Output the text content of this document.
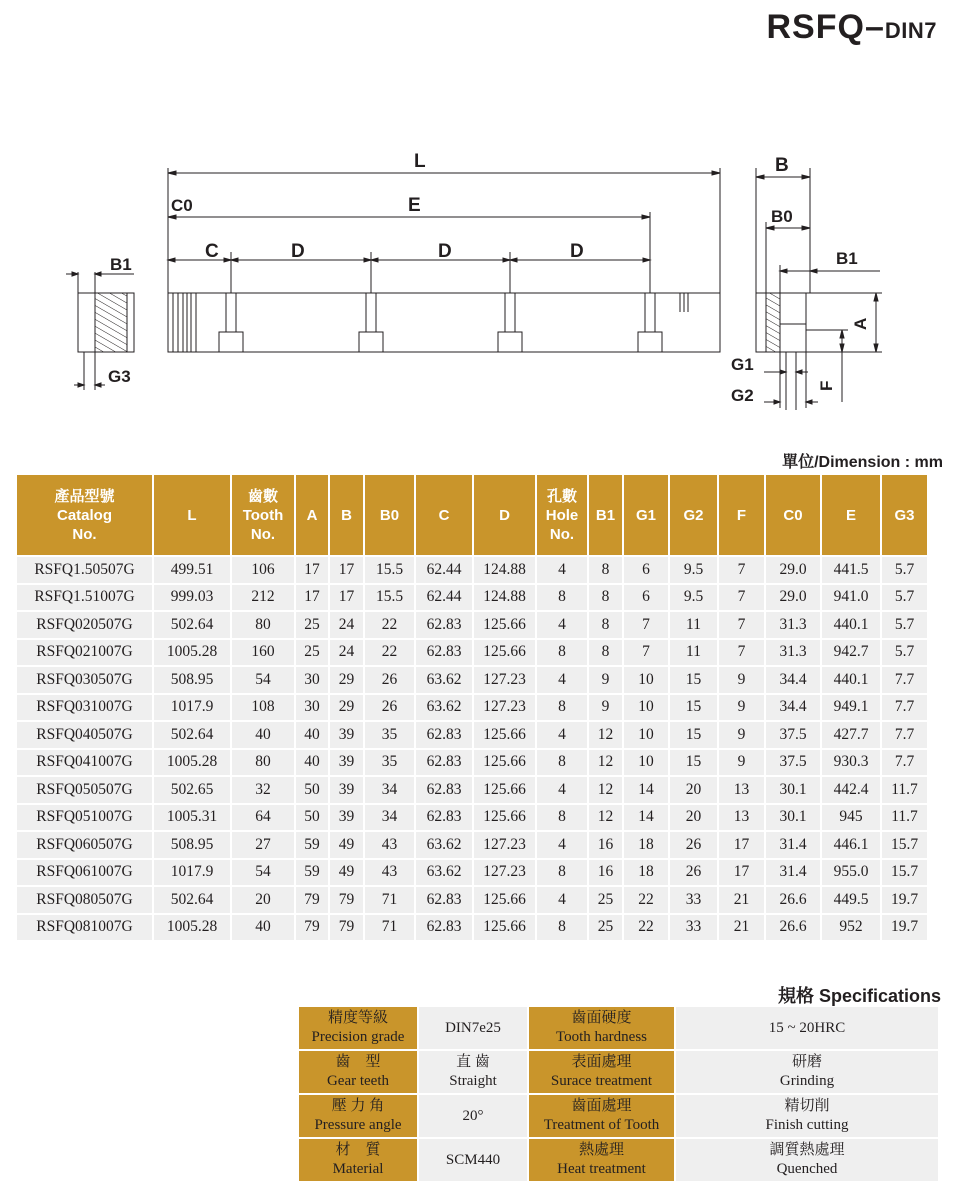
RSFQ–DIN7
L
C0	E
C	D	D	D
B1
G3
B
B0
B1
A
F
G1
G2
單位/Dimension : mm
產品型號
Catalog
No.	L	齒數
Tooth
No.	A	B	B0	C	D	孔數
Hole
No.	B1	G1	G2	F	C0	E	G3

RSFQ1.50507G	499.51	106	17	17	15.5	62.44	124.88	4	8	6	9.5	7	29.0	441.5	5.7
RSFQ1.51007G	999.03	212	17	17	15.5	62.44	124.88	8	8	6	9.5	7	29.0	941.0	5.7
RSFQ020507G	502.64	80	25	24	22	62.83	125.66	4	8	7	11	7	31.3	440.1	5.7
RSFQ021007G	1005.28	160	25	24	22	62.83	125.66	8	8	7	11	7	31.3	942.7	5.7
RSFQ030507G	508.95	54	30	29	26	63.62	127.23	4	9	10	15	9	34.4	440.1	7.7
RSFQ031007G	1017.9	108	30	29	26	63.62	127.23	8	9	10	15	9	34.4	949.1	7.7
RSFQ040507G	502.64	40	40	39	35	62.83	125.66	4	12	10	15	9	37.5	427.7	7.7
RSFQ041007G	1005.28	80	40	39	35	62.83	125.66	8	12	10	15	9	37.5	930.3	7.7
RSFQ050507G	502.65	32	50	39	34	62.83	125.66	4	12	14	20	13	30.1	442.4	11.7
RSFQ051007G	1005.31	64	50	39	34	62.83	125.66	8	12	14	20	13	30.1	945	11.7
RSFQ060507G	508.95	27	59	49	43	63.62	127.23	4	16	18	26	17	31.4	446.1	15.7
RSFQ061007G	1017.9	54	59	49	43	63.62	127.23	8	16	18	26	17	31.4	955.0	15.7
RSFQ080507G	502.64	20	79	79	71	62.83	125.66	4	25	22	33	21	26.6	449.5	19.7
RSFQ081007G	1005.28	40	79	79	71	62.83	125.66	8	25	22	33	21	26.6	952	19.7
規格 Specifications
精度等級
Precision grade	DIN7e25	齒面硬度
Tooth hardness	15 ~ 20HRC

齒　型
Gear teeth	直 齒
Straight	表面處理
Surace treatment	研磨
Grinding

壓 力 角
Pressure angle	20°	齒面處理
Treatment of Tooth	精切削
Finish cutting

材　質
Material	SCM440	熱處理
Heat treatment	調質熱處理
Quenched
